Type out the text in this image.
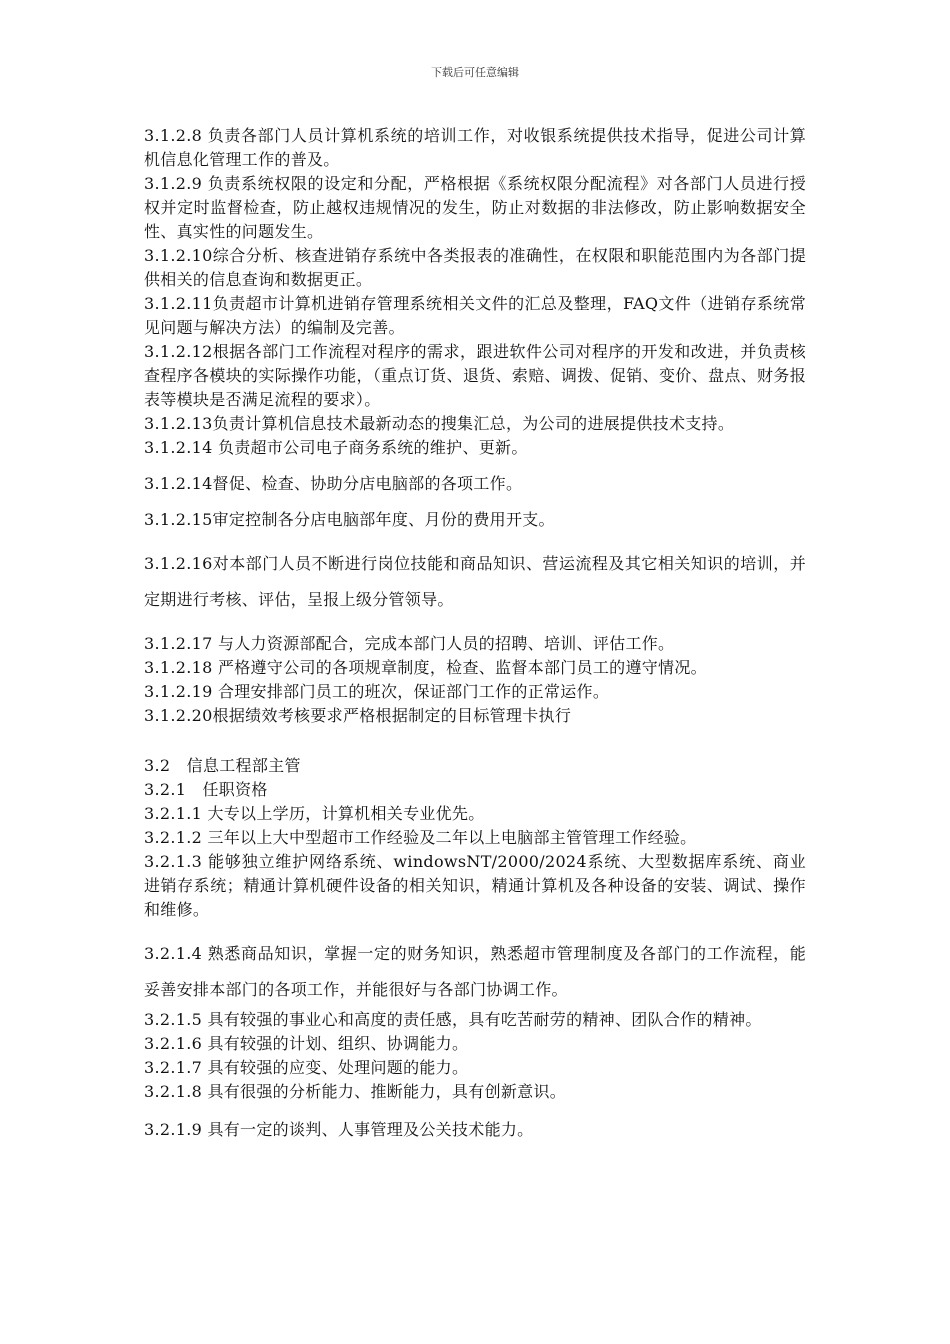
下载后可任意编辑
3.1.2.8 负责各部门人员计算机系统的培训工作，对收银系统提供技术指导，促进公司计算机信息化管理工作的普及。
3.1.2.9 负责系统权限的设定和分配，严格根据《系统权限分配流程》对各部门人员进行授权并定时监督检查，防止越权违规情况的发生，防止对数据的非法修改，防止影响数据安全性、真实性的问题发生。
3.1.2.10综合分析、核查进销存系统中各类报表的准确性，在权限和职能范围内为各部门提供相关的信息查询和数据更正。
3.1.2.11负责超市计算机进销存管理系统相关文件的汇总及整理，FAQ文件（进销存系统常见问题与解决方法）的编制及完善。
3.1.2.12根据各部门工作流程对程序的需求，跟进软件公司对程序的开发和改进，并负责核查程序各模块的实际操作功能，（重点订货、退货、索赔、调拨、促销、变价、盘点、财务报表等模块是否满足流程的要求）。
3.1.2.13负责计算机信息技术最新动态的搜集汇总，为公司的进展提供技术支持。
3.1.2.14 负责超市公司电子商务系统的维护、更新。
3.1.2.14督促、检查、协助分店电脑部的各项工作。
3.1.2.15审定控制各分店电脑部年度、月份的费用开支。
3.1.2.16对本部门人员不断进行岗位技能和商品知识、营运流程及其它相关知识的培训，并定期进行考核、评估，呈报上级分管领导。
3.1.2.17 与人力资源部配合，完成本部门人员的招聘、培训、评估工作。
3.1.2.18 严格遵守公司的各项规章制度，检查、监督本部门员工的遵守情况。
3.1.2.19 合理安排部门员工的班次，保证部门工作的正常运作。
3.1.2.20根据绩效考核要求严格根据制定的目标管理卡执行
3.2　信息工程部主管
3.2.1　任职资格
3.2.1.1 大专以上学历，计算机相关专业优先。
3.2.1.2 三年以上大中型超市工作经验及二年以上电脑部主管管理工作经验。
3.2.1.3 能够独立维护网络系统、windowsNT/2000/2024系统、大型数据库系统、商业进销存系统；精通计算机硬件设备的相关知识，精通计算机及各种设备的安装、调试、操作和维修。
3.2.1.4 熟悉商品知识，掌握一定的财务知识，熟悉超市管理制度及各部门的工作流程，能妥善安排本部门的各项工作，并能很好与各部门协调工作。
3.2.1.5 具有较强的事业心和高度的责任感，具有吃苦耐劳的精神、团队合作的精神。
3.2.1.6 具有较强的计划、组织、协调能力。
3.2.1.7 具有较强的应变、处理问题的能力。
3.2.1.8 具有很强的分析能力、推断能力，具有创新意识。
3.2.1.9 具有一定的谈判、人事管理及公关技术能力。
